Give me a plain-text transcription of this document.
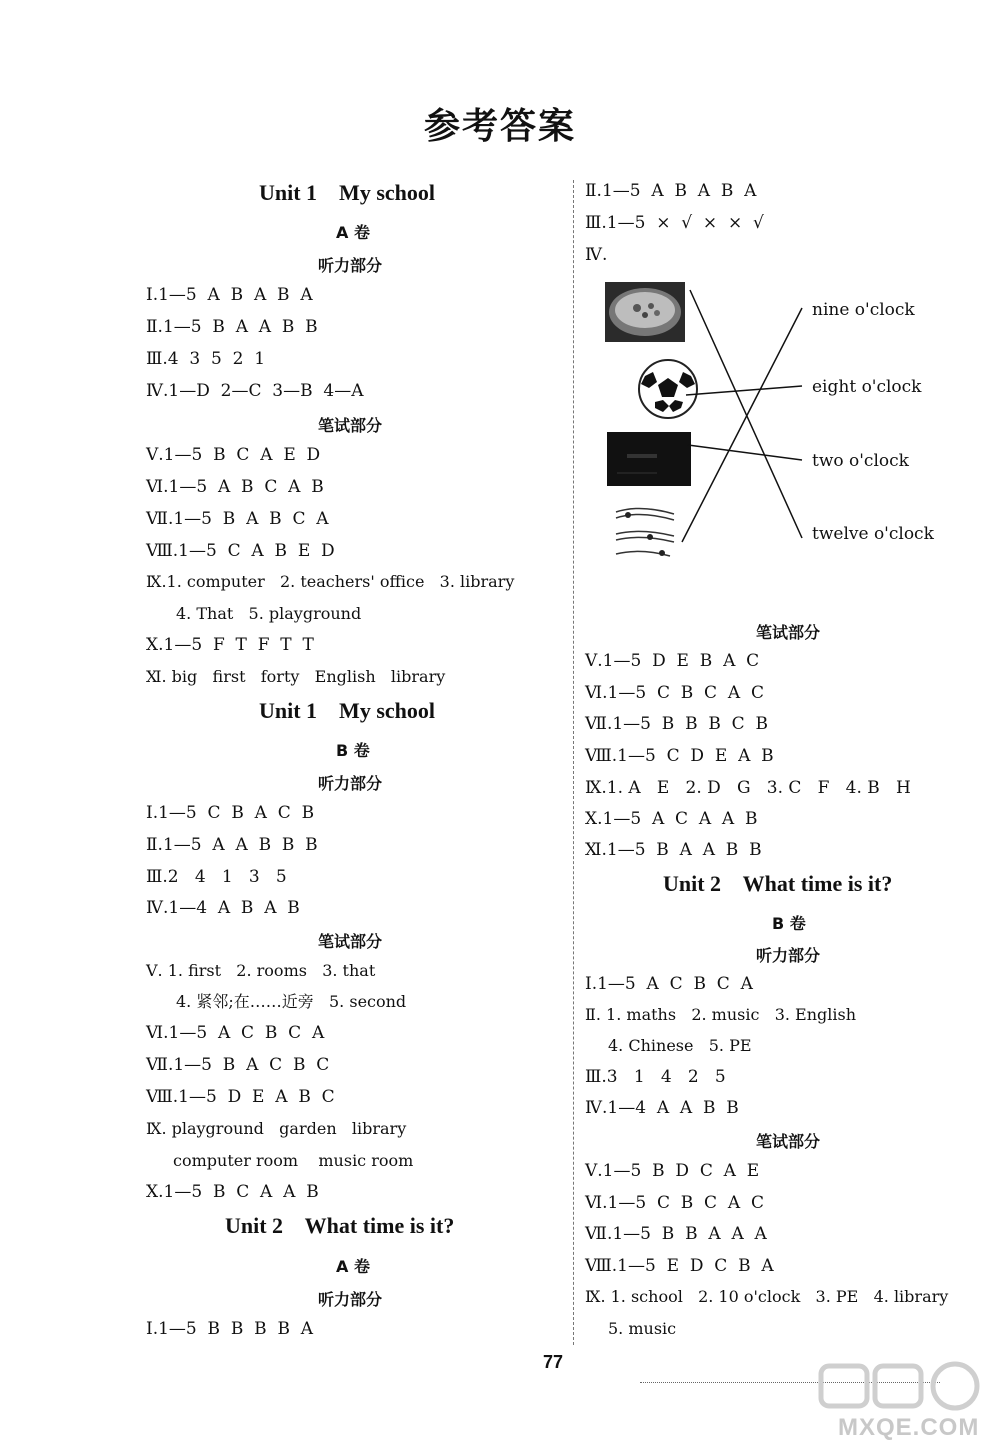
参考答案
Unit 1    My school
A 卷
听力部分
Ⅰ.1—5  A  B  A  B  A
Ⅱ.1—5  B  A  A  B  B
Ⅲ.4  3  5  2  1
Ⅳ.1—D  2—C  3—B  4—A
笔试部分
Ⅴ.1—5  B  C  A  E  D
Ⅵ.1—5  A  B  C  A  B
Ⅶ.1—5  B  A  B  C  A
Ⅷ.1—5  C  A  B  E  D
Ⅸ.1. computer   2. teachers' office   3. library
4. That   5. playground
Ⅹ.1—5  F  T  F  T  T
Ⅺ. big   first   forty   English   library
Unit 1    My school
B 卷
听力部分
Ⅰ.1—5  C  B  A  C  B
Ⅱ.1—5  A  A  B  B  B
Ⅲ.2   4   1   3   5
Ⅳ.1—4  A  B  A  B
笔试部分
Ⅴ. 1. first   2. rooms   3. that
4. 紧邻;在……近旁   5. second
Ⅵ.1—5  A  C  B  C  A
Ⅶ.1—5  B  A  C  B  C
Ⅷ.1—5  D  E  A  B  C
Ⅸ. playground   garden   library
computer room    music room
Ⅹ.1—5  B  C  A  A  B
Unit 2    What time is it?
A 卷
听力部分
Ⅰ.1—5  B  B  B  B  A
Ⅱ.1—5  A  B  A  B  A
Ⅲ.1—5  ×  √  ×  ×  √
Ⅳ.
nine o'clock
eight o'clock
two o'clock
twelve o'clock
笔试部分
Ⅴ.1—5  D  E  B  A  C
Ⅵ.1—5  C  B  C  A  C
Ⅶ.1—5  B  B  B  C  B
Ⅷ.1—5  C  D  E  A  B
Ⅸ.1. A   E   2. D   G   3. C   F   4. B   H
Ⅹ.1—5  A  C  A  A  B
Ⅺ.1—5  B  A  A  B  B
Unit 2    What time is it?
B 卷
听力部分
Ⅰ.1—5  A  C  B  C  A
Ⅱ. 1. maths   2. music   3. English
4. Chinese   5. PE
Ⅲ.3   1   4   2   5
Ⅳ.1—4  A  A  B  B
笔试部分
Ⅴ.1—5  B  D  C  A  E
Ⅵ.1—5  C  B  C  A  C
Ⅶ.1—5  B  B  A  A  A
Ⅷ.1—5  E  D  C  B  A
Ⅸ. 1. school   2. 10 o'clock   3. PE   4. library
5. music
77
MXQE.COM
